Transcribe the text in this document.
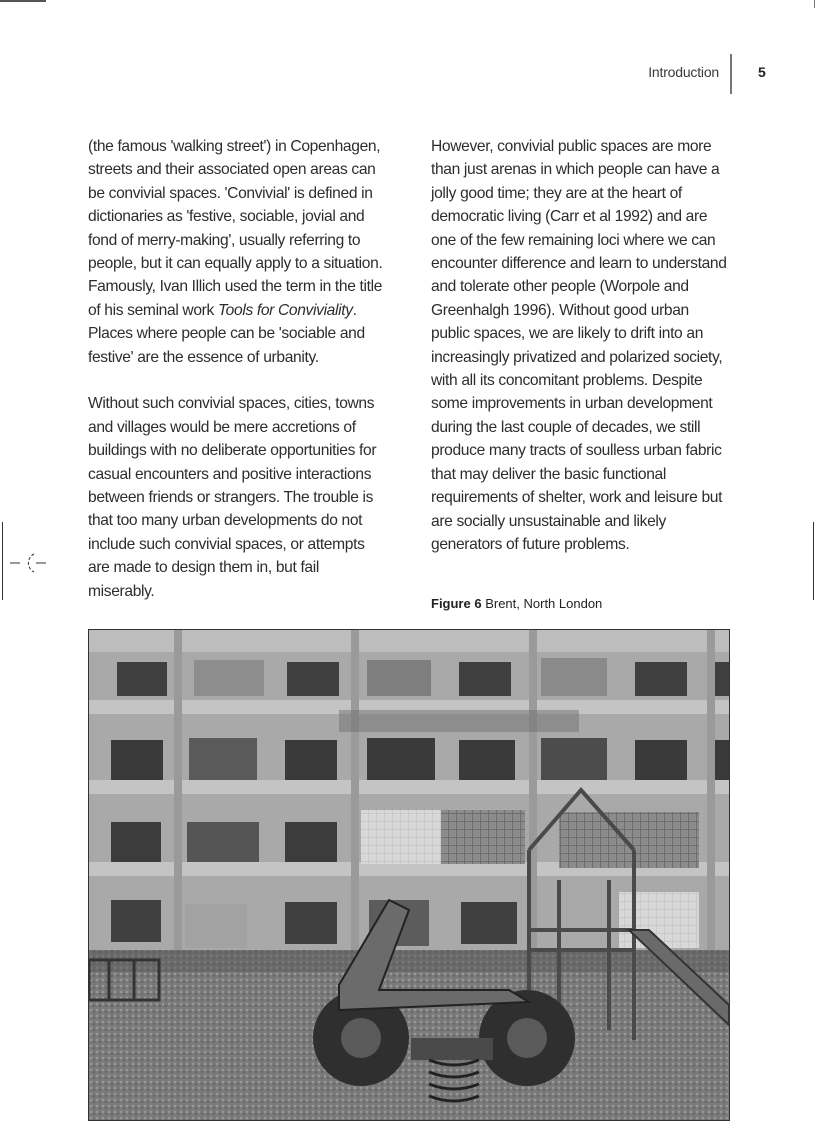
Introduction	5

(the famous 'walking street') in Copenhagen, streets and their associated open areas can be convivial spaces. 'Convivial' is defined in dictionaries as 'festive, sociable, jovial and fond of merry-making', usually referring to people, but it can equally apply to a situation. Famously, Ivan Illich used the term in the title of his seminal work Tools for Conviviality. Places where people can be 'sociable and festive' are the essence of urbanity.

Without such convivial spaces, cities, towns and villages would be mere accretions of buildings with no deliberate opportunities for casual encounters and positive interactions between friends or strangers. The trouble is that too many urban developments do not include such convivial spaces, or attempts are made to design them in, but fail miserably.

However, convivial public spaces are more than just arenas in which people can have a jolly good time; they are at the heart of democratic living (Carr et al 1992) and are one of the few remaining loci where we can encounter difference and learn to understand and tolerate other people (Worpole and Greenhalgh 1996). Without good urban public spaces, we are likely to drift into an increasingly privatized and polarized society, with all its concomitant problems. Despite some improvements in urban development during the last couple of decades, we still produce many tracts of soulless urban fabric that may deliver the basic functional requirements of shelter, work and leisure but are socially unsustainable and likely generators of future problems.

Figure 6 Brent, North London
